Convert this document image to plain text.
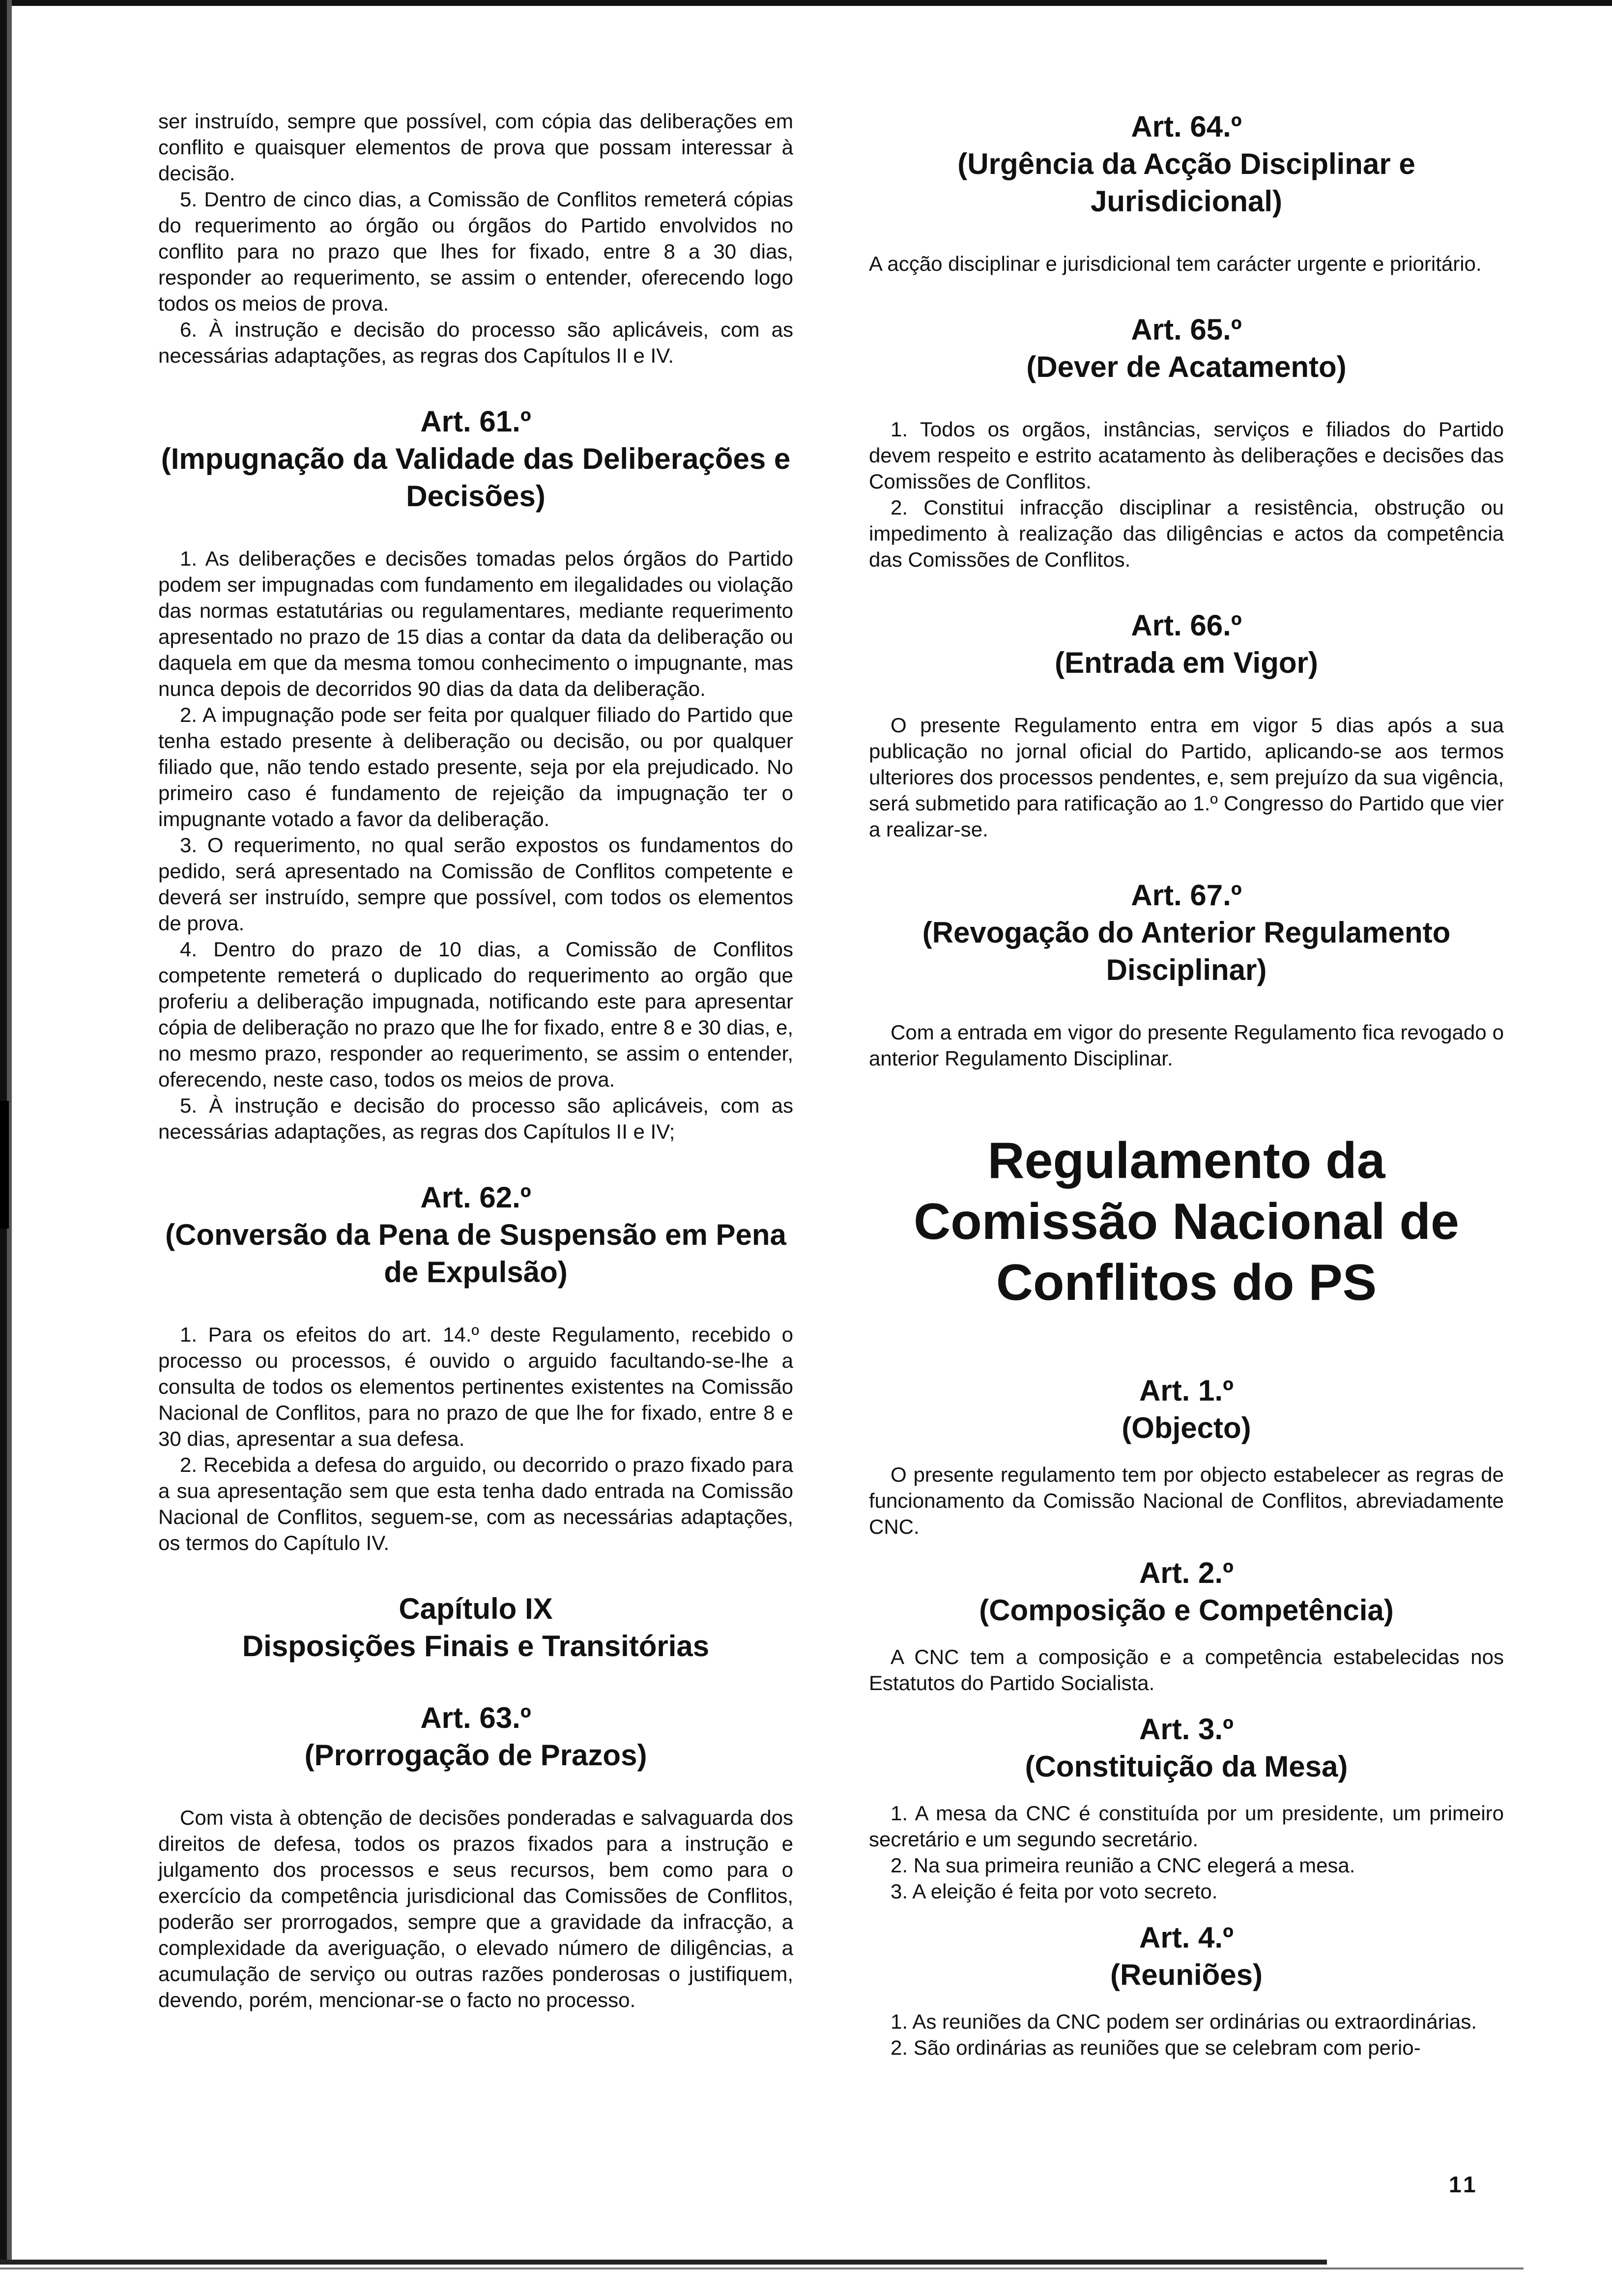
ser instruído, sempre que possível, com cópia das deliberações em conflito e quaisquer elementos de prova que possam interessar à decisão.

5. Dentro de cinco dias, a Comissão de Conflitos remeterá cópias do requerimento ao órgão ou órgãos do Partido envolvidos no conflito para no prazo que lhes for fixado, entre 8 a 30 dias, responder ao requerimento, se assim o entender, oferecendo logo todos os meios de prova.

6. À instrução e decisão do processo são aplicáveis, com as necessárias adaptações, as regras dos Capítulos II e IV.

Art. 61.º
(Impugnação da Validade das Deliberações e Decisões)

1. As deliberações e decisões tomadas pelos órgãos do Partido podem ser impugnadas com fundamento em ilegalidades ou violação das normas estatutárias ou regulamentares, mediante requerimento apresentado no prazo de 15 dias a contar da data da deliberação ou daquela em que da mesma tomou conhecimento o impugnante, mas nunca depois de decorridos 90 dias da data da deliberação.

2. A impugnação pode ser feita por qualquer filiado do Partido que tenha estado presente à deliberação ou decisão, ou por qualquer filiado que, não tendo estado presente, seja por ela prejudicado. No primeiro caso é fundamento de rejeição da impugnação ter o impugnante votado a favor da deliberação.

3. O requerimento, no qual serão expostos os fundamentos do pedido, será apresentado na Comissão de Conflitos competente e deverá ser instruído, sempre que possível, com todos os elementos de prova.

4. Dentro do prazo de 10 dias, a Comissão de Conflitos competente remeterá o duplicado do requerimento ao orgão que proferiu a deliberação impugnada, notificando este para apresentar cópia de deliberação no prazo que lhe for fixado, entre 8 e 30 dias, e, no mesmo prazo, responder ao requerimento, se assim o entender, oferecendo, neste caso, todos os meios de prova.

5. À instrução e decisão do processo são aplicáveis, com as necessárias adaptações, as regras dos Capítulos II e IV;

Art. 62.º
(Conversão da Pena de Suspensão em Pena de Expulsão)

1. Para os efeitos do art. 14.º deste Regulamento, recebido o processo ou processos, é ouvido o arguido facultando-se-lhe a consulta de todos os elementos pertinentes existentes na Comissão Nacional de Conflitos, para no prazo de que lhe for fixado, entre 8 e 30 dias, apresentar a sua defesa.

2. Recebida a defesa do arguido, ou decorrido o prazo fixado para a sua apresentação sem que esta tenha dado entrada na Comissão Nacional de Conflitos, seguem-se, com as necessárias adaptações, os termos do Capítulo IV.

Capítulo IX
Disposições Finais e Transitórias
Art. 63.º
(Prorrogação de Prazos)

Com vista à obtenção de decisões ponderadas e salvaguarda dos direitos de defesa, todos os prazos fixados para a instrução e julgamento dos processos e seus recursos, bem como para o exercício da competência jurisdicional das Comissões de Conflitos, poderão ser prorrogados, sempre que a gravidade da infracção, a complexidade da averiguação, o elevado número de diligências, a acumulação de serviço ou outras razões ponderosas o justifiquem, devendo, porém, mencionar-se o facto no processo.

Art. 64.º
(Urgência da Acção Disciplinar e Jurisdicional)

A acção disciplinar e jurisdicional tem carácter urgente e prioritário.

Art. 65.º
(Dever de Acatamento)

1. Todos os orgãos, instâncias, serviços e filiados do Partido devem respeito e estrito acatamento às deliberações e decisões das Comissões de Conflitos.

2. Constitui infracção disciplinar a resistência, obstrução ou impedimento à realização das diligências e actos da competência das Comissões de Conflitos.

Art. 66.º
(Entrada em Vigor)

O presente Regulamento entra em vigor 5 dias após a sua publicação no jornal oficial do Partido, aplicando-se aos termos ulteriores dos processos pendentes, e, sem prejuízo da sua vigência, será submetido para ratificação ao 1.º Congresso do Partido que vier a realizar-se.

Art. 67.º
(Revogação do Anterior Regulamento Disciplinar)

Com a entrada em vigor do presente Regulamento fica revogado o anterior Regulamento Disciplinar.

Regulamento da Comissão Nacional de Conflitos do PS
Art. 1.º
(Objecto)

O presente regulamento tem por objecto estabelecer as regras de funcionamento da Comissão Nacional de Conflitos, abreviadamente CNC.

Art. 2.º
(Composição e Competência)

A CNC tem a composição e a competência estabelecidas nos Estatutos do Partido Socialista.

Art. 3.º
(Constituição da Mesa)

1. A mesa da CNC é constituída por um presidente, um primeiro secretário e um segundo secretário.

2. Na sua primeira reunião a CNC elegerá a mesa.

3. A eleição é feita por voto secreto.

Art. 4.º
(Reuniões)

1. As reuniões da CNC podem ser ordinárias ou extraordinárias.

2. São ordinárias as reuniões que se celebram com perio-

11
